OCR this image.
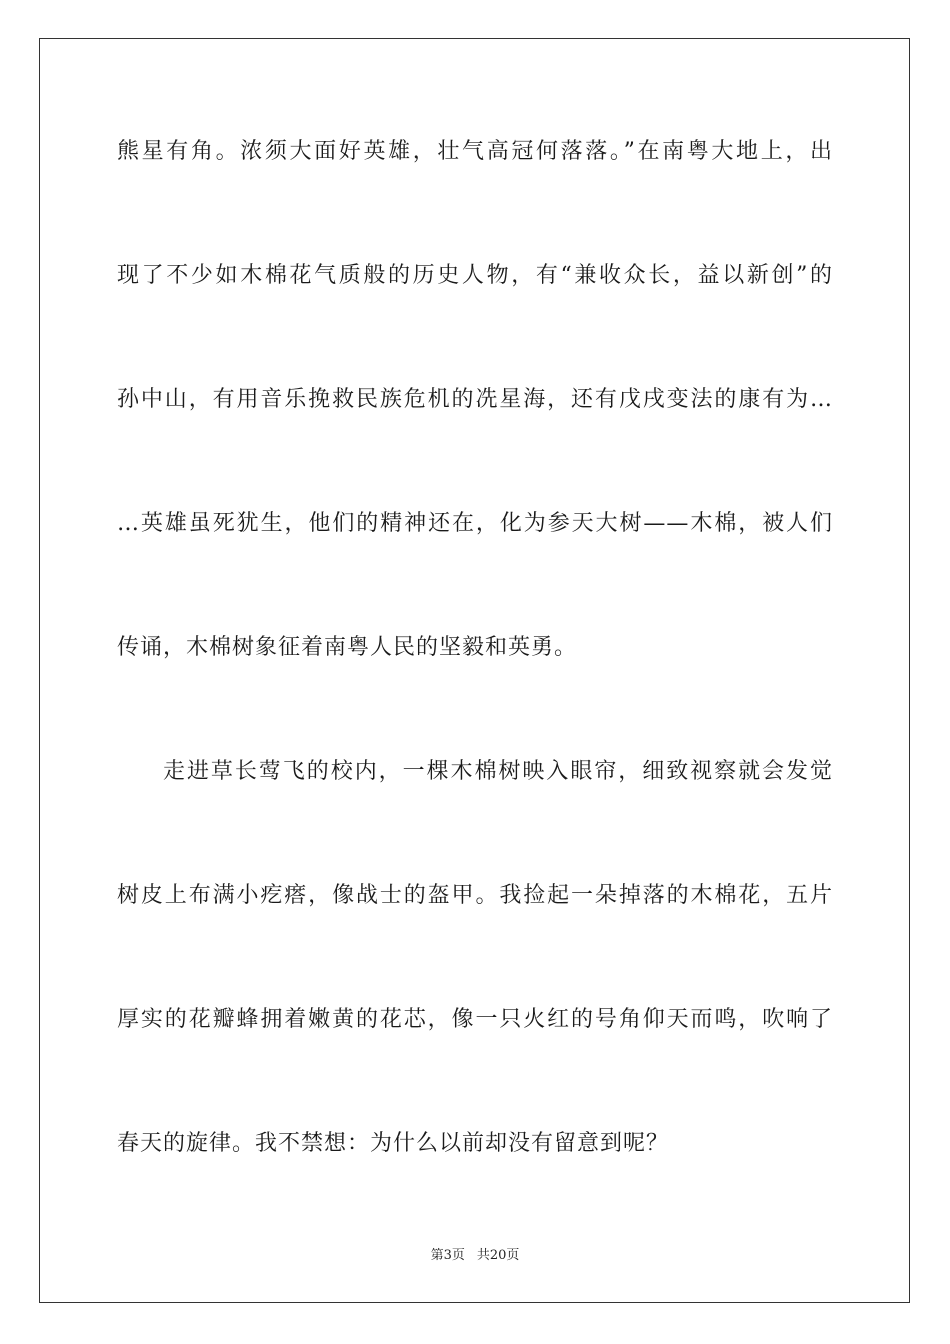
熊星有角。浓须大面好英雄，壮气高冠何落落。”在南粤大地上，出
现了不少如木棉花气质般的历史人物，有“兼收众长，益以新创”的
孙中山，有用音乐挽救民族危机的冼星海，还有戊戌变法的康有为…
…英雄虽死犹生，他们的精神还在，化为参天大树——木棉，被人们
传诵，木棉树象征着南粤人民的坚毅和英勇。
走进草长莺飞的校内，一棵木棉树映入眼帘，细致视察就会发觉
树皮上布满小疙瘩，像战士的盔甲。我捡起一朵掉落的木棉花，五片
厚实的花瓣蜂拥着嫩黄的花芯，像一只火红的号角仰天而鸣，吹响了
春天的旋律。我不禁想：为什么以前却没有留意到呢？
第3页 共20页
